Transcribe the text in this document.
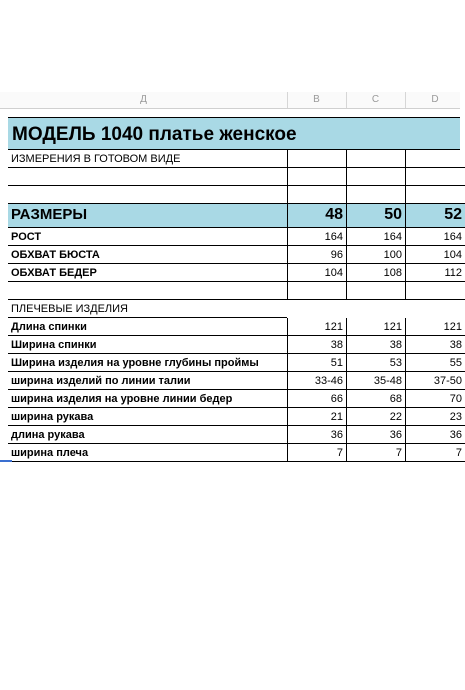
Д	B	C	D
МОДЕЛЬ 1040 платье женское
ИЗМЕРЕНИЯ В ГОТОВОМ ВИДЕ
РАЗМЕРЫ	48	50	52
РОСТ	164	164	164
ОБХВАТ БЮСТА	96	100	104
ОБХВАТ БЕДЕР	104	108	112
ПЛЕЧЕВЫЕ ИЗДЕЛИЯ
Длина спинки	121	121	121
Ширина спинки	38	38	38
Ширина изделия на уровне глубины проймы	51	53	55
ширина изделий по линии талии	33-46	35-48	37-50
ширина изделия на уровне линии бедер	66	68	70
ширина рукава	21	22	23
длина рукава	36	36	36
ширина плеча	7	7	7
